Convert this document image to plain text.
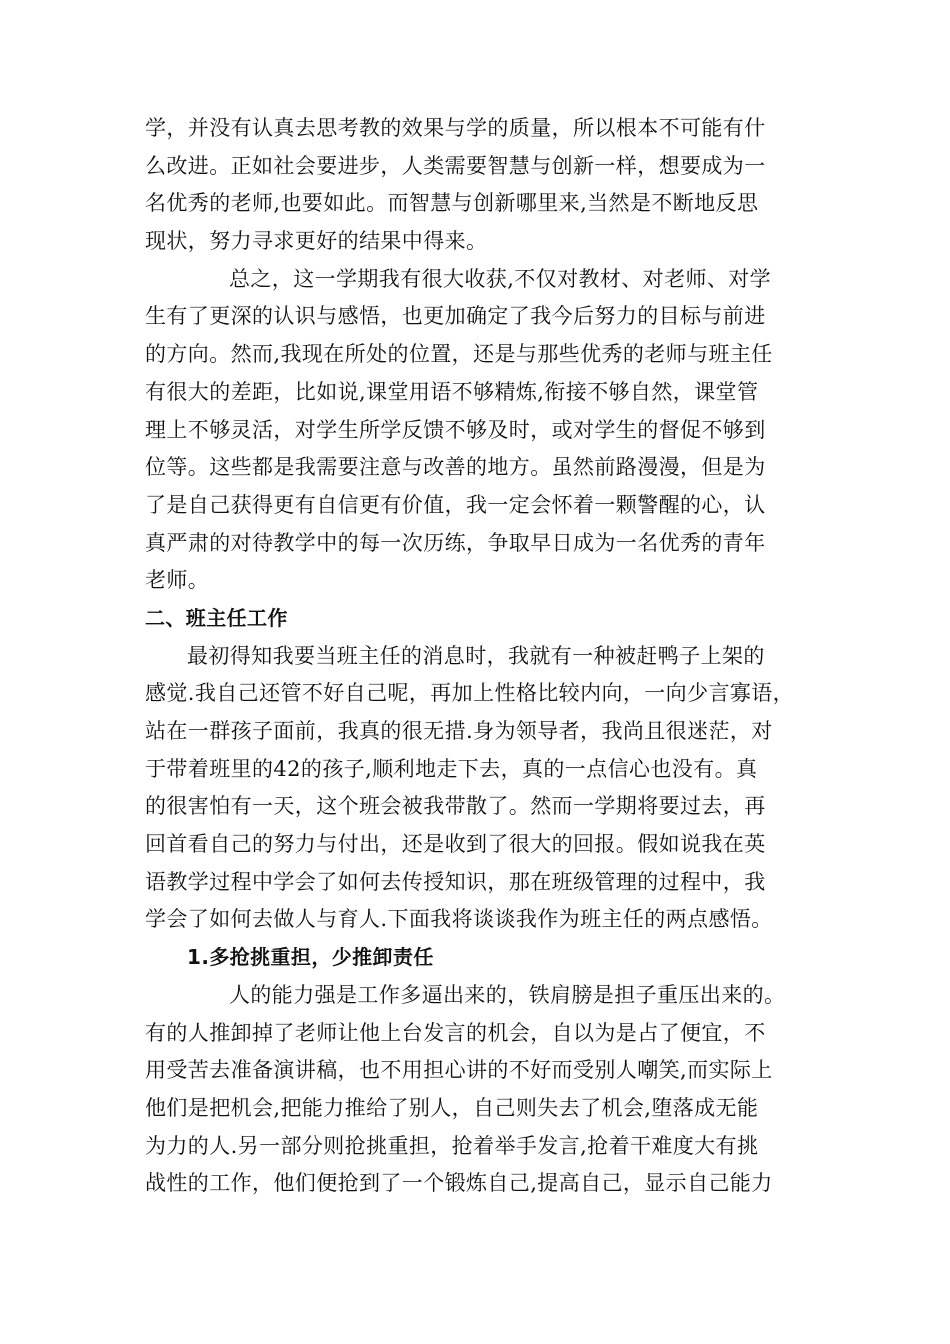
学，并没有认真去思考教的效果与学的质量，所以根本不可能有什
么改进。正如社会要进步，人类需要智慧与创新一样，想要成为一
名优秀的老师,也要如此。而智慧与创新哪里来,当然是不断地反思
现状，努力寻求更好的结果中得来。
总之，这一学期我有很大收获,不仅对教材、对老师、对学
生有了更深的认识与感悟，也更加确定了我今后努力的目标与前进
的方向。然而,我现在所处的位置，还是与那些优秀的老师与班主任
有很大的差距，比如说,课堂用语不够精炼,衔接不够自然，课堂管
理上不够灵活，对学生所学反馈不够及时，或对学生的督促不够到
位等。这些都是我需要注意与改善的地方。虽然前路漫漫，但是为
了是自己获得更有自信更有价值，我一定会怀着一颗警醒的心，认
真严肃的对待教学中的每一次历练，争取早日成为一名优秀的青年
老师。
二、班主任工作
最初得知我要当班主任的消息时，我就有一种被赶鸭子上架的
感觉.我自己还管不好自己呢，再加上性格比较内向，一向少言寡语，
站在一群孩子面前，我真的很无措.身为领导者，我尚且很迷茫，对
于带着班里的42的孩子,顺利地走下去，真的一点信心也没有。真
的很害怕有一天，这个班会被我带散了。然而一学期将要过去，再
回首看自己的努力与付出，还是收到了很大的回报。假如说我在英
语教学过程中学会了如何去传授知识，那在班级管理的过程中，我
学会了如何去做人与育人.下面我将谈谈我作为班主任的两点感悟。
1.多抢挑重担，少推卸责任
人的能力强是工作多逼出来的，铁肩膀是担子重压出来的。
有的人推卸掉了老师让他上台发言的机会，自以为是占了便宜，不
用受苦去准备演讲稿，也不用担心讲的不好而受别人嘲笑,而实际上
他们是把机会,把能力推给了别人，自己则失去了机会,堕落成无能
为力的人.另一部分则抢挑重担，抢着举手发言,抢着干难度大有挑
战性的工作，他们便抢到了一个锻炼自己,提高自己，显示自己能力
